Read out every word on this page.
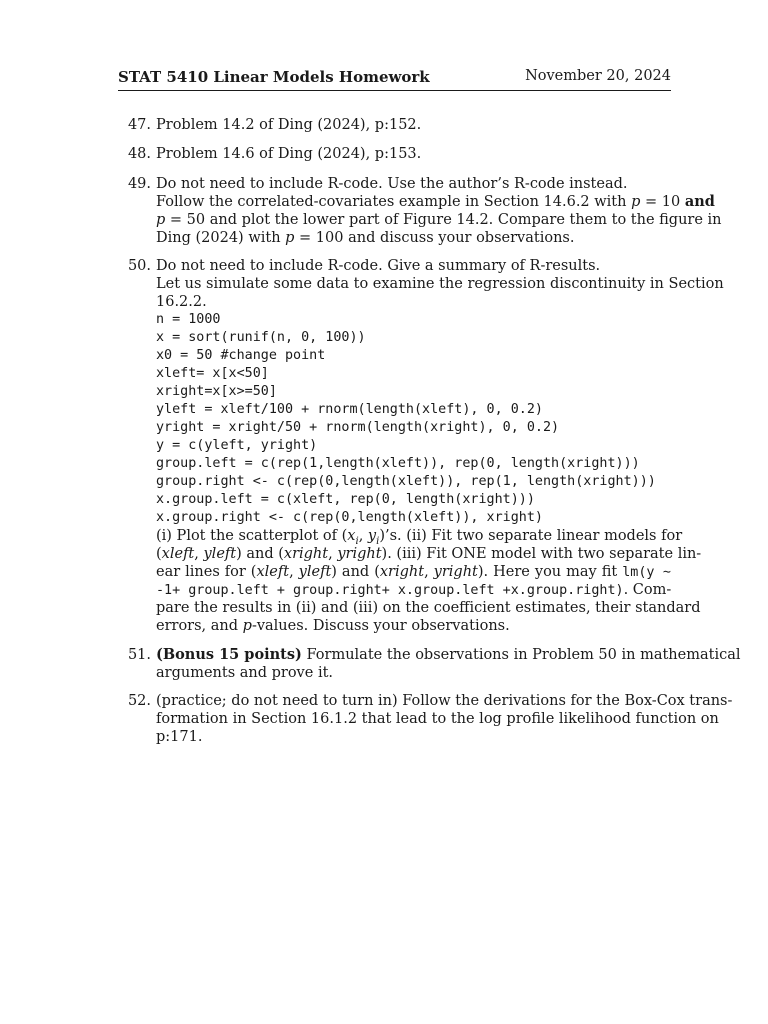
STAT 5410 Linear Models Homework	November 20, 2024
47. Problem 14.2 of Ding (2024), p:152.
48. Problem 14.6 of Ding (2024), p:153.
49. Do not need to include R-code. Use the author’s R-code instead.
Follow the correlated-covariates example in Section 14.6.2 with p = 10 and
p = 50 and plot the lower part of Figure 14.2. Compare them to the figure in
Ding (2024) with p = 100 and discuss your observations.
50. Do not need to include R-code. Give a summary of R-results.
Let us simulate some data to examine the regression discontinuity in Section
16.2.2.
n = 1000
x = sort(runif(n, 0, 100))
x0 = 50 #change point
xleft= x[x<50]
xright=x[x>=50]
yleft = xleft/100 + rnorm(length(xleft), 0, 0.2)
yright = xright/50 + rnorm(length(xright), 0, 0.2)
y = c(yleft, yright)
group.left = c(rep(1,length(xleft)), rep(0, length(xright)))
group.right <- c(rep(0,length(xleft)), rep(1, length(xright)))
x.group.left = c(xleft, rep(0, length(xright)))
x.group.right <- c(rep(0,length(xleft)), xright)
(i) Plot the scatterplot of ($x_i$, $y_i)’s$. (ii) Fit two separate linear models for
(xleft, yleft) and (xright, yright). (iii) Fit ONE model with two separate lin-
ear lines for (xleft, yleft) and (xright, yright). Here you may fit lm(y ∼
-1+ group.left + group.right+ x.group.left +x.group.right). Com-
pare the results in (ii) and (iii) on the coefficient estimates, their standard
errors, and p-values. Discuss your observations.
51. (Bonus 15 points) Formulate the observations in Problem 50 in mathematical
arguments and prove it.
52. (practice; do not need to turn in) Follow the derivations for the Box-Cox trans-
formation in Section 16.1.2 that lead to the log profile likelihood function on
p:171.
